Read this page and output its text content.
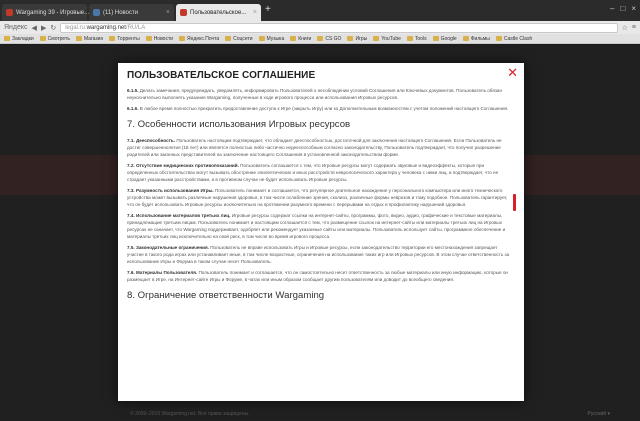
Wargaming 39 - Игровые... (11) Новости	×	Пользовательское... × +	– □ ×
Яндекс ◀ ▶ ↻ legal.ru. wargaming.net /RU/LA	☆ ≡
Закладки	Смотреть	Магазин	Торренты	Новости	Яндекс.Почта	Соцсети	Музыка	Книги	CS GO	Игры	YouTube	Tools	Google	Фильмы	Castle Clash
© 2009–2016 Wargaming.net. Все права защищены.	Русский ▾
ПОЛЬЗОВАТЕЛЬСКОЕ СОГЛАШЕНИЕ	✕

6.1.5. Делать замечания, предупреждать, уведомлять, информировать Пользователей о несоблюдении условий Соглашения или Ключевых документов. Пользователь обязан неукоснительно выполнять указания Wargaming, полученные в ходе игрового процесса или использования Игровых ресурсов.

6.1.6. В любое время полностью прекратить предоставление доступа к Игре (закрыть Игру) или ко Дополнительным возможностям с учетом положений настоящего Соглашения.

7. Особенности использования Игровых ресурсов

7.1. Дееспособность. Пользователь настоящим подтверждает, что обладает дееспособностью, достаточной для заключения настоящего Соглашения. Если Пользователь не достиг совершеннолетия (18 лет) или является полностью либо частично недееспособным согласно законодательству, Пользователь подтверждает, что получил разрешение родителей или законных представителей на заключение настоящего Соглашения в установленной законодательством форме.

7.2. Отсутствие медицинских противопоказаний. Пользователь соглашается с тем, что Игровые ресурсы могут содержать звуковые и видеоэффекты, которые при определенных обстоятельствах могут вызывать обострение эпилептических и иных расстройств неврологического характера у человека с ними лиц, и подтверждает, что не страдает указанными расстройствами, а в противном случае не будет использовать Игровые ресурсы.

7.3. Разумность использования Игры. Пользователь понимает и соглашается, что регулярное длительное нахождение у персонального компьютера или иного технического устройства может вызывать различные нарушения здоровья, в том числе ослабление зрения, сколиоз, различные формы неврозов и тому подобное. Пользователь гарантирует, что он будет использовать Игровые ресурсы исключительно на протяжении разумного времени с перерывами на отдых и профилактику нарушений здоровья.

7.4. Использование материалов третьих лиц. Игровые ресурсы содержат ссылки на интернет-сайты, программы, фото, видео, аудио, графические и текстовые материалы, принадлежащие третьим лицам. Пользователь понимает и настоящим соглашается с тем, что размещение ссылок на интернет-сайты или материалы третьих лиц на Игровых ресурсах не означает, что Wargaming поддерживает, одобряет или рекомендует указанные сайты или материалы. Пользователь использует сайты, программное обеспечение и материалы третьих лиц исключительно на свой риск, в том числе во время игрового процесса.

7.5. Законодательные ограничения. Пользователь не вправе использовать Игры и Игровые ресурсы, если законодательство территории его местонахождения запрещает участие в такого рода играх или устанавливает иные, в том числе возрастные, ограничения на использование таких игр или Игровых ресурсов. В этом случае ответственность за использование Игры и Форума в таком случае несет Пользователь.

7.6. Материалы Пользователя. Пользователь понимает и соглашается, что он самостоятельно несет ответственность за любые материалы или иную информацию, которые он размещает в Игре, на Интернет-сайте Игры и Форуме, в чатах или иным образом сообщает другим пользователям или доводит до всеобщего сведения.

8. Ограничение ответственности Wargaming
